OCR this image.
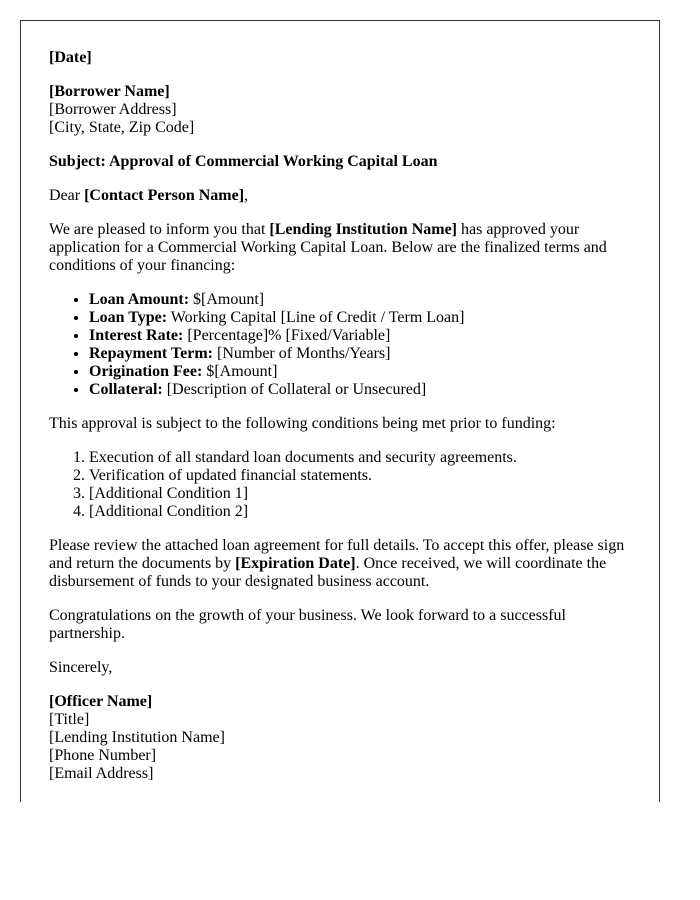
[Date]

[Borrower Name]
[Borrower Address]
[City, State, Zip Code]

Subject: Approval of Commercial Working Capital Loan

Dear [Contact Person Name],

We are pleased to inform you that [Lending Institution Name] has approved your application for a Commercial Working Capital Loan. Below are the finalized terms and conditions of your financing:

• Loan Amount: $[Amount]
• Loan Type: Working Capital [Line of Credit / Term Loan]
• Interest Rate: [Percentage]% [Fixed/Variable]
• Repayment Term: [Number of Months/Years]
• Origination Fee: $[Amount]
• Collateral: [Description of Collateral or Unsecured]

This approval is subject to the following conditions being met prior to funding:

1. Execution of all standard loan documents and security agreements.
2. Verification of updated financial statements.
3. [Additional Condition 1]
4. [Additional Condition 2]

Please review the attached loan agreement for full details. To accept this offer, please sign and return the documents by [Expiration Date]. Once received, we will coordinate the disbursement of funds to your designated business account.

Congratulations on the growth of your business. We look forward to a successful partnership.

Sincerely,

[Officer Name]
[Title]
[Lending Institution Name]
[Phone Number]
[Email Address]
